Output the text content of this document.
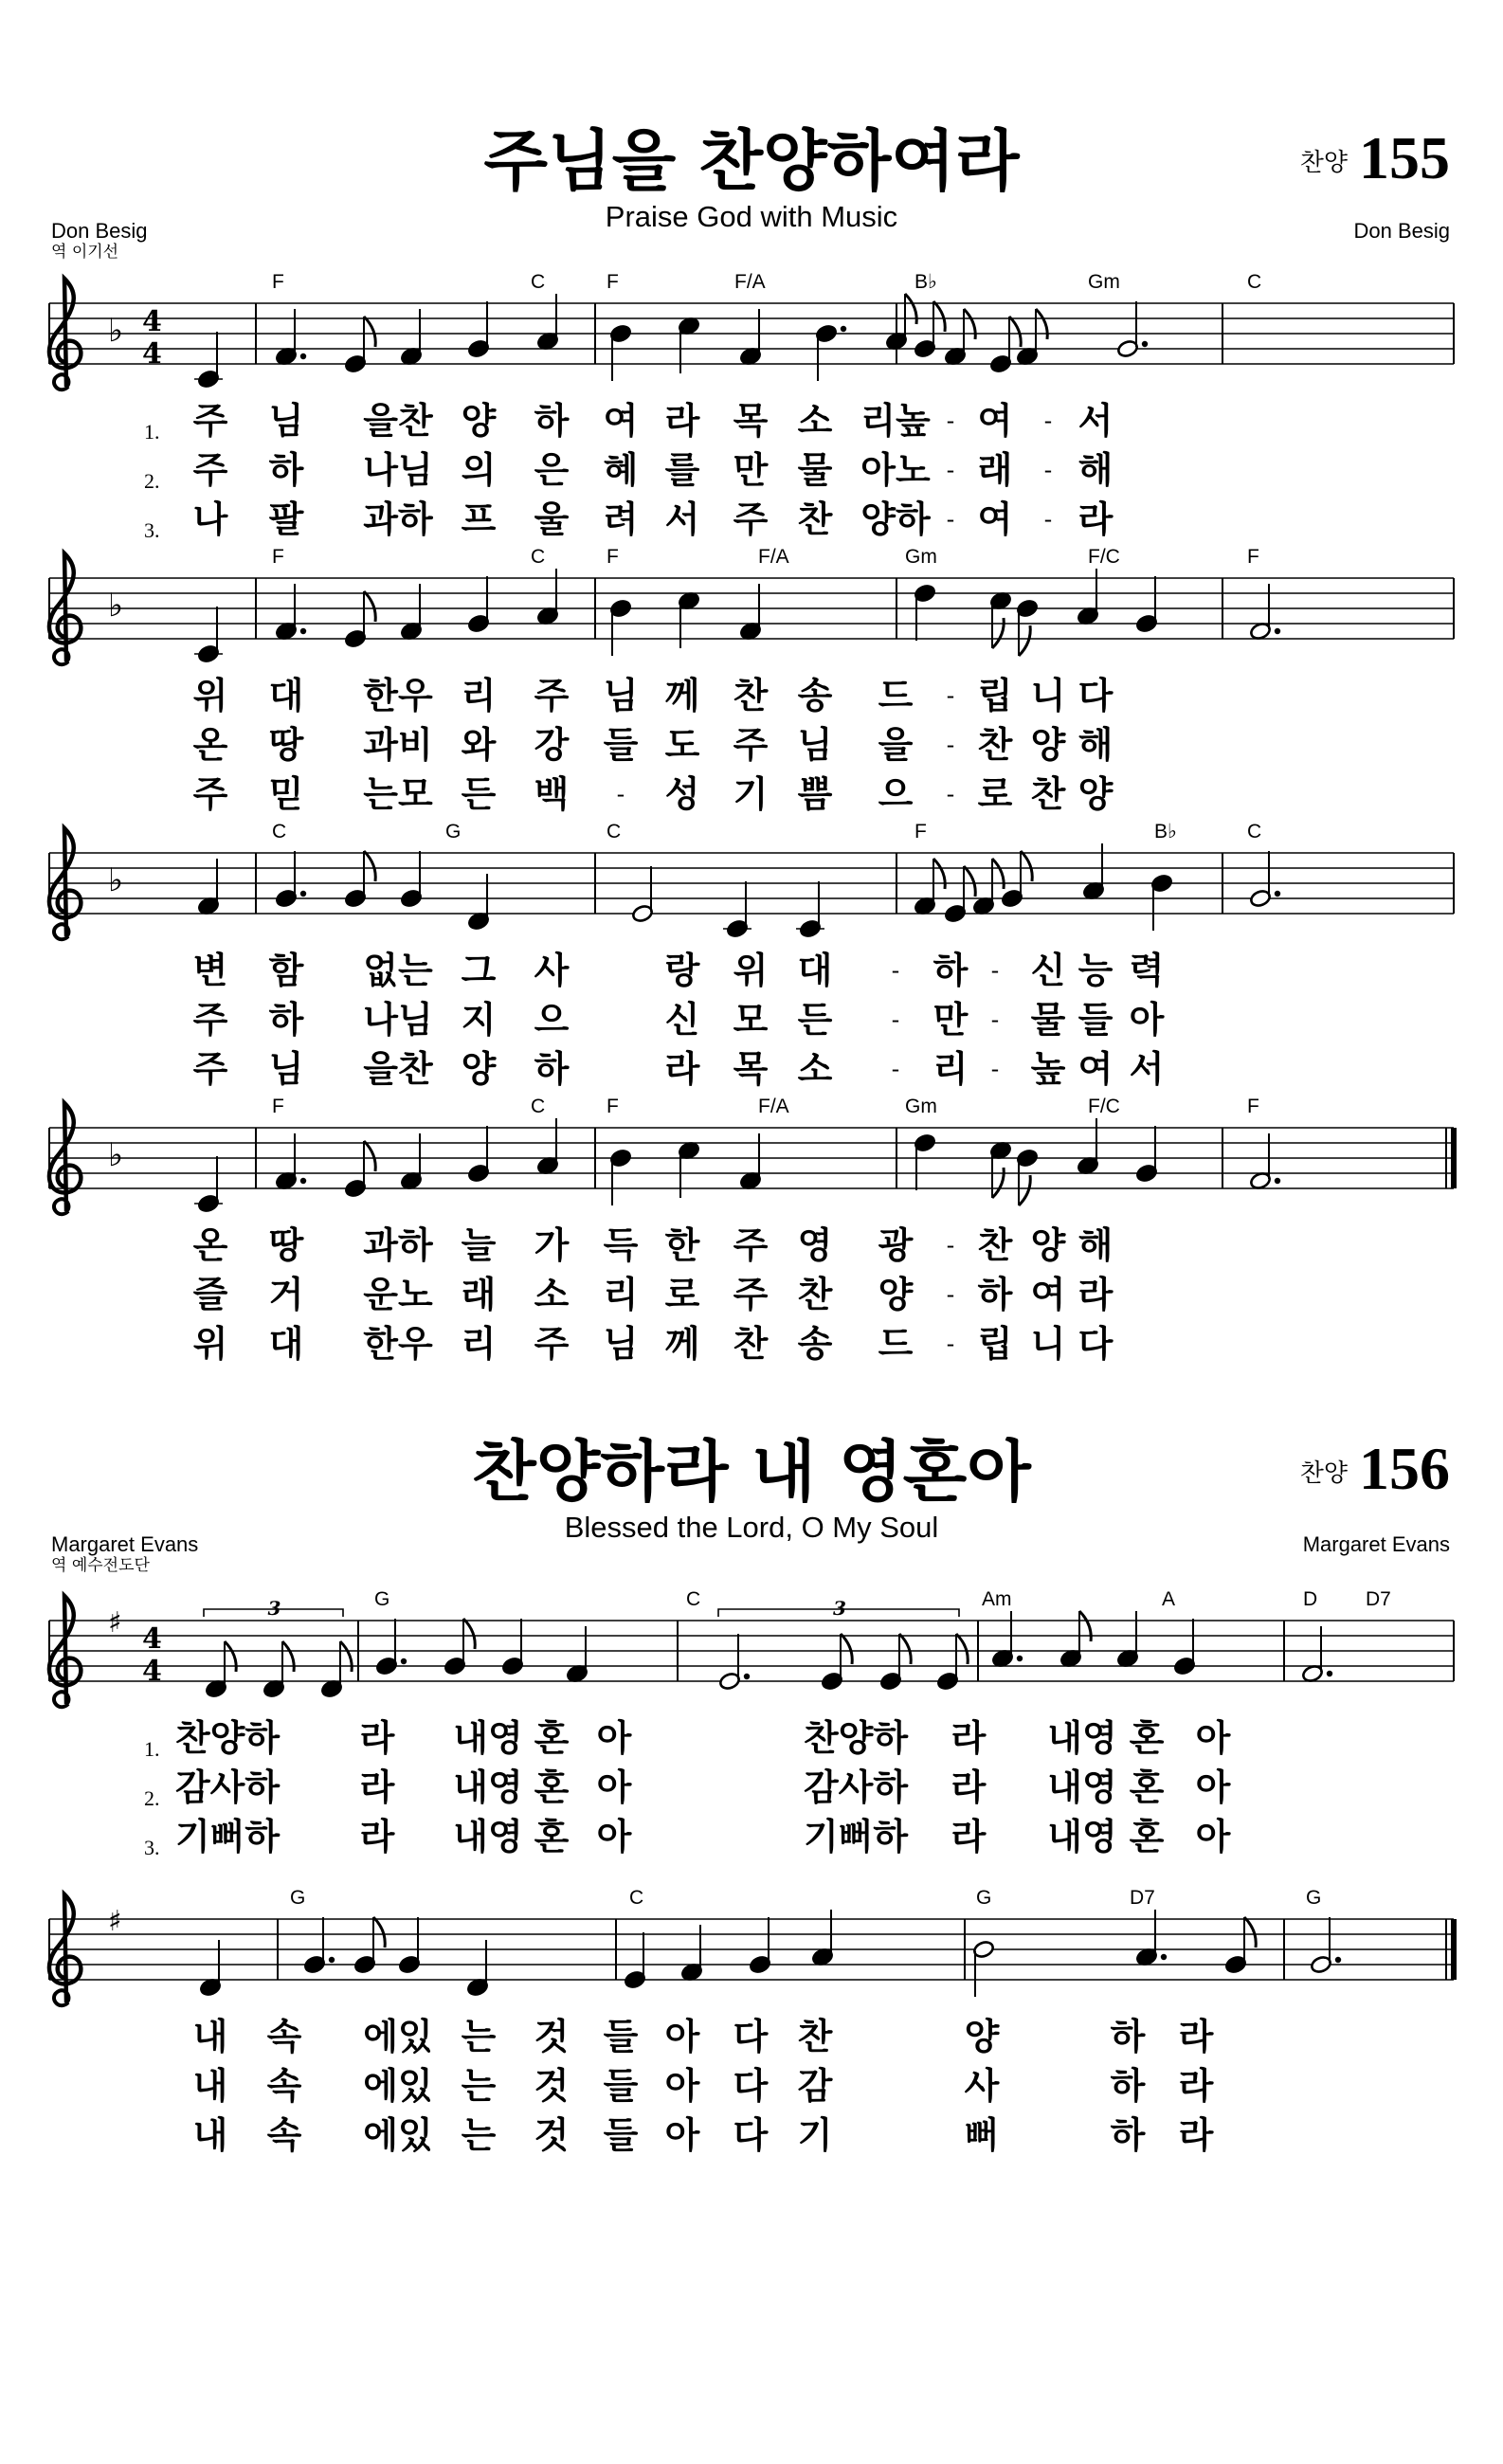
주님을 찬양하여라	찬양 155
Praise God with Music
Don Besig
역 이기선
Don Besig
F	C	F	F/A	B♭	Gm	C
♭ 4
4
1. 주 님 을찬 양 하 여 라 목 소 리높 - 여 - 서
2. 주 하 나님 의 은 혜 를 만 물 아노 - 래 - 해
3. 나 팔 과하 프 울 려 서 주 찬 양하 - 여 - 라
F	C	F	F/A	Gm	F/C	F
♭
위 대 한우 리 주 님 께 찬 송 드 - 립 니 다
온 땅 과비 와 강 들 도 주 님 을 - 찬 양 해
주 믿 는모 든 백 - 성 기 쁨 으 - 로 찬 양
C	G	C	F	B♭	C
♭
변 함 없는 그 사	랑 위 대	- 하 - 신 능 력
주 하 나님 지 으	신 모 든	- 만 - 물 들 아
주 님 을찬 양 하	라 목 소	- 리 - 높 여 서
F	C	F	F/A	Gm	F/C	F
♭
온 땅 과하 늘 가 득 한 주 영 광 - 찬 양 해
즐 거 운노 래 소 리 로 주 찬 양 - 하 여 라
위 대 한우 리 주 님 께 찬 송 드 - 립 니 다
찬양하라 내 영혼아	찬양 156
Blessed the Lord, O My Soul
Margaret Evans
역 예수전도단
Margaret Evans
G	C	Am	A	D D7
♯ 4
4
3	3
1. 찬양하 라 내영 혼 아	찬양하 라 내영 혼 아
2. 감사하 라 내영 혼 아	감사하 라 내영 혼 아
3. 기뻐하 라 내영 혼 아	기뻐하 라 내영 혼 아
G	C	G	D7	G
♯
내 속 에있 는 것 들 아 다 찬	양	하 라
내 속 에있 는 것 들 아 다 감	사	하 라
내 속 에있 는 것 들 아 다 기	뻐	하 라
